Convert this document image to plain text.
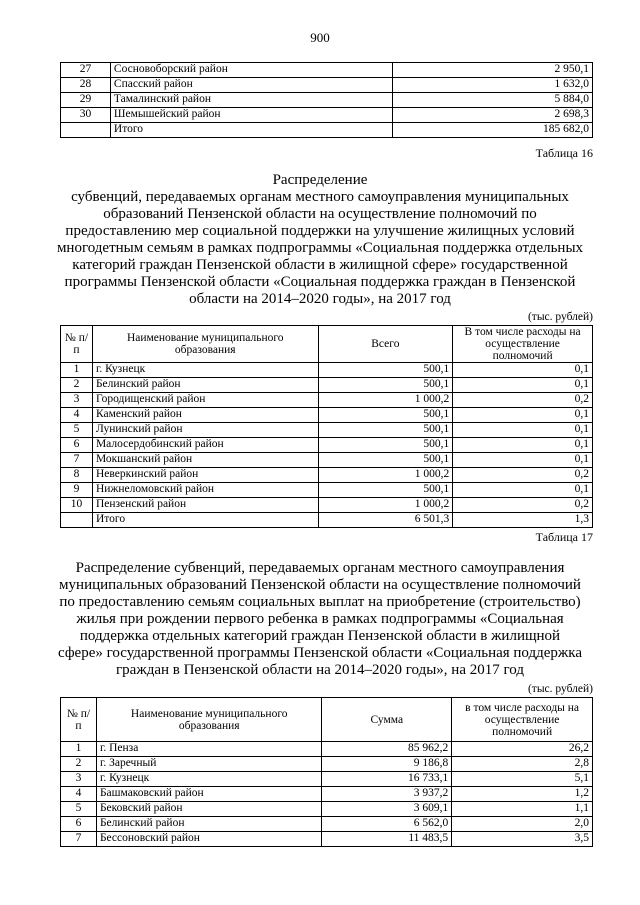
900
27	Сосновоборский район	2 950,1
28	Спасский район	1 632,0
29	Тамалинский район	5 884,0
30	Шемышейский район	2 698,3
	Итого	185 682,0
Таблица 16
Распределение
субвенций, передаваемых органам местного самоуправления муниципальных
образований Пензенской области на осуществление полномочий по
предоставлению мер социальной поддержки на улучшение жилищных условий
многодетным семьям в рамках подпрограммы «Социальная поддержка отдельных
категорий граждан Пензенской области в жилищной сфере» государственной
программы Пензенской области «Социальная поддержка граждан в Пензенской
области на 2014–2020 годы», на 2017 год
(тыс. рублей)
№ п/п	Наименование муниципального образования	Всего	В том числе расходы на осуществление полномочий
1	г. Кузнецк	500,1	0,1
2	Белинский район	500,1	0,1
3	Городищенский район	1 000,2	0,2
4	Каменский район	500,1	0,1
5	Лунинский район	500,1	0,1
6	Малосердобинский район	500,1	0,1
7	Мокшанский район	500,1	0,1
8	Неверкинский район	1 000,2	0,2
9	Нижнеломовский район	500,1	0,1
10	Пензенский район	1 000,2	0,2
	Итого	6 501,3	1,3
Таблица 17
Распределение субвенций, передаваемых органам местного самоуправления
муниципальных образований Пензенской области на осуществление полномочий
по предоставлению семьям социальных выплат на приобретение (строительство)
жилья при рождении первого ребенка в рамках подпрограммы «Социальная
поддержка отдельных категорий граждан Пензенской области в жилищной
сфере» государственной программы Пензенской области «Социальная поддержка
граждан в Пензенской области на 2014–2020 годы», на 2017 год
(тыс. рублей)
№ п/п	Наименование муниципального образования	Сумма	в том числе расходы на осуществление полномочий
1	г. Пенза	85 962,2	26,2
2	г. Заречный	9 186,8	2,8
3	г. Кузнецк	16 733,1	5,1
4	Башмаковский район	3 937,2	1,2
5	Бековский район	3 609,1	1,1
6	Белинский район	6 562,0	2,0
7	Бессоновский район	11 483,5	3,5
